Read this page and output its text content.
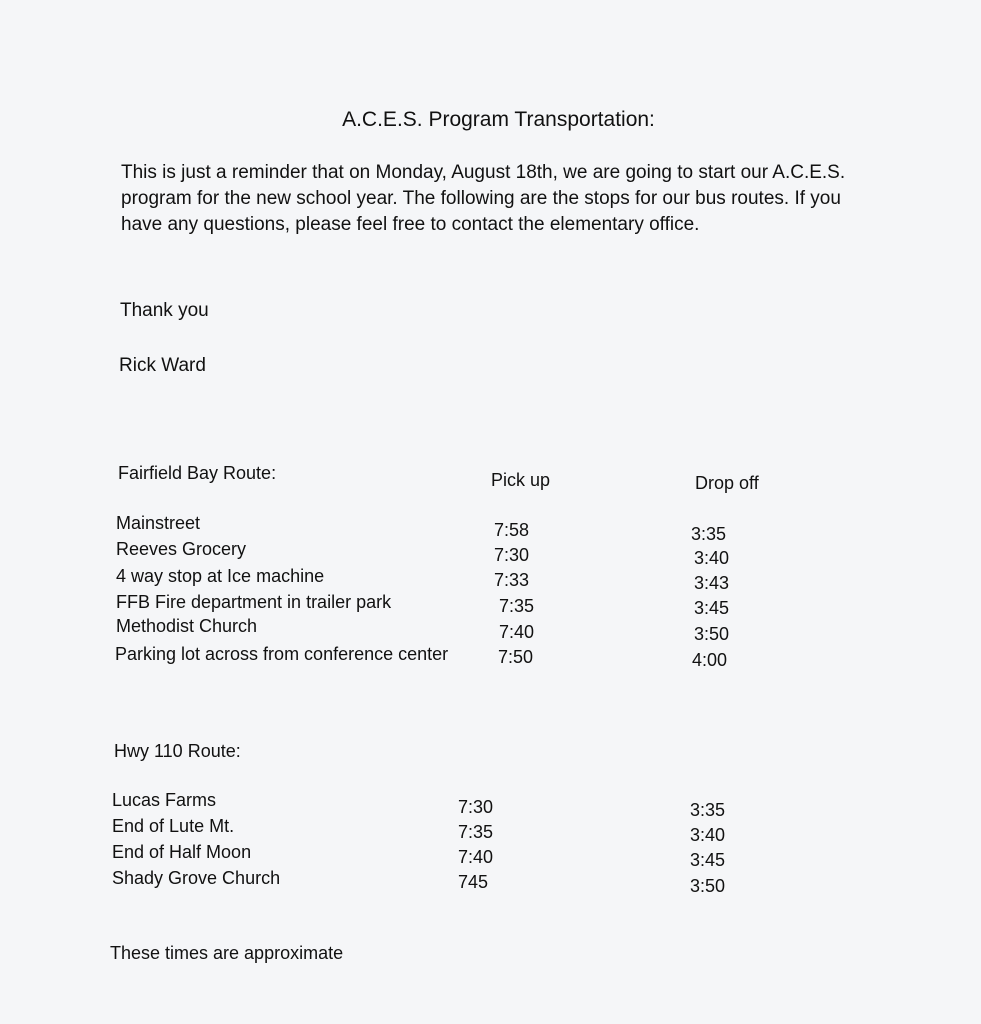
A.C.E.S. Program Transportation:
This is just a reminder that on Monday, August 18th, we are going to start our A.C.E.S. program for the new school year. The following are the stops for our bus routes. If you have any questions, please feel free to contact the elementary office.
Thank you
Rick Ward
Fairfield Bay Route:	Pick up	Drop off
Mainstreet	7:58	3:35
Reeves Grocery	7:30	3:40
4 way stop at Ice machine	7:33	3:43
FFB Fire department in trailer park	7:35	3:45
Methodist Church	7:40	3:50
Parking lot across from conference center	7:50	4:00
Hwy 110 Route:
Lucas Farms	7:30	3:35
End of Lute Mt.	7:35	3:40
End of Half Moon	7:40	3:45
Shady Grove Church	745	3:50
These times are approximate
